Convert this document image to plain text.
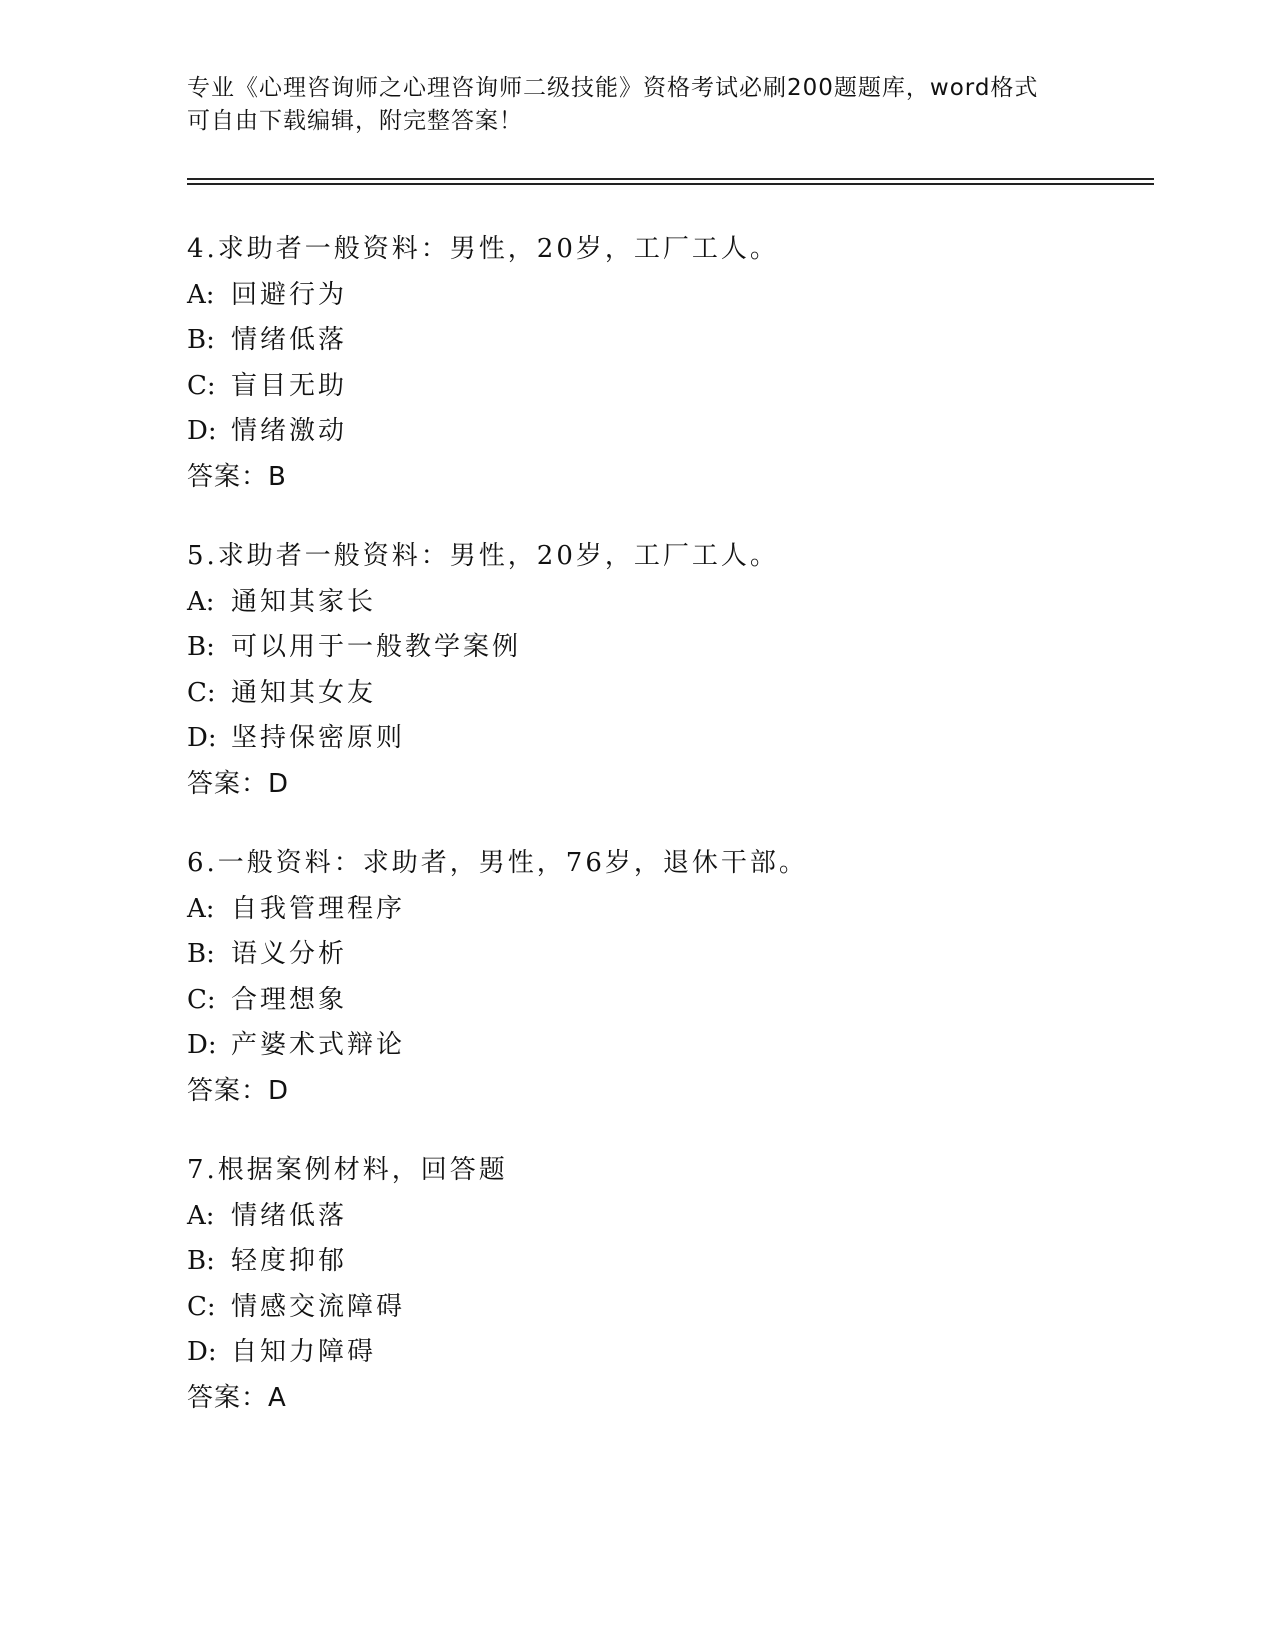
专业《心理咨询师之心理咨询师二级技能》资格考试必刷200题题库，word格式

可自由下载编辑，附完整答案！

4.求助者一般资料：男性，20岁，工厂工人。
A: 回避行为
B: 情绪低落
C: 盲目无助
D: 情绪激动
答案：B
5.求助者一般资料：男性，20岁，工厂工人。
A: 通知其家长
B: 可以用于一般教学案例
C: 通知其女友
D: 坚持保密原则
答案：D
6.一般资料：求助者，男性，76岁，退休干部。
A: 自我管理程序
B: 语义分析
C: 合理想象
D: 产婆术式辩论
答案：D
7.根据案例材料，回答题
A: 情绪低落
B: 轻度抑郁
C: 情感交流障碍
D: 自知力障碍
答案：A
